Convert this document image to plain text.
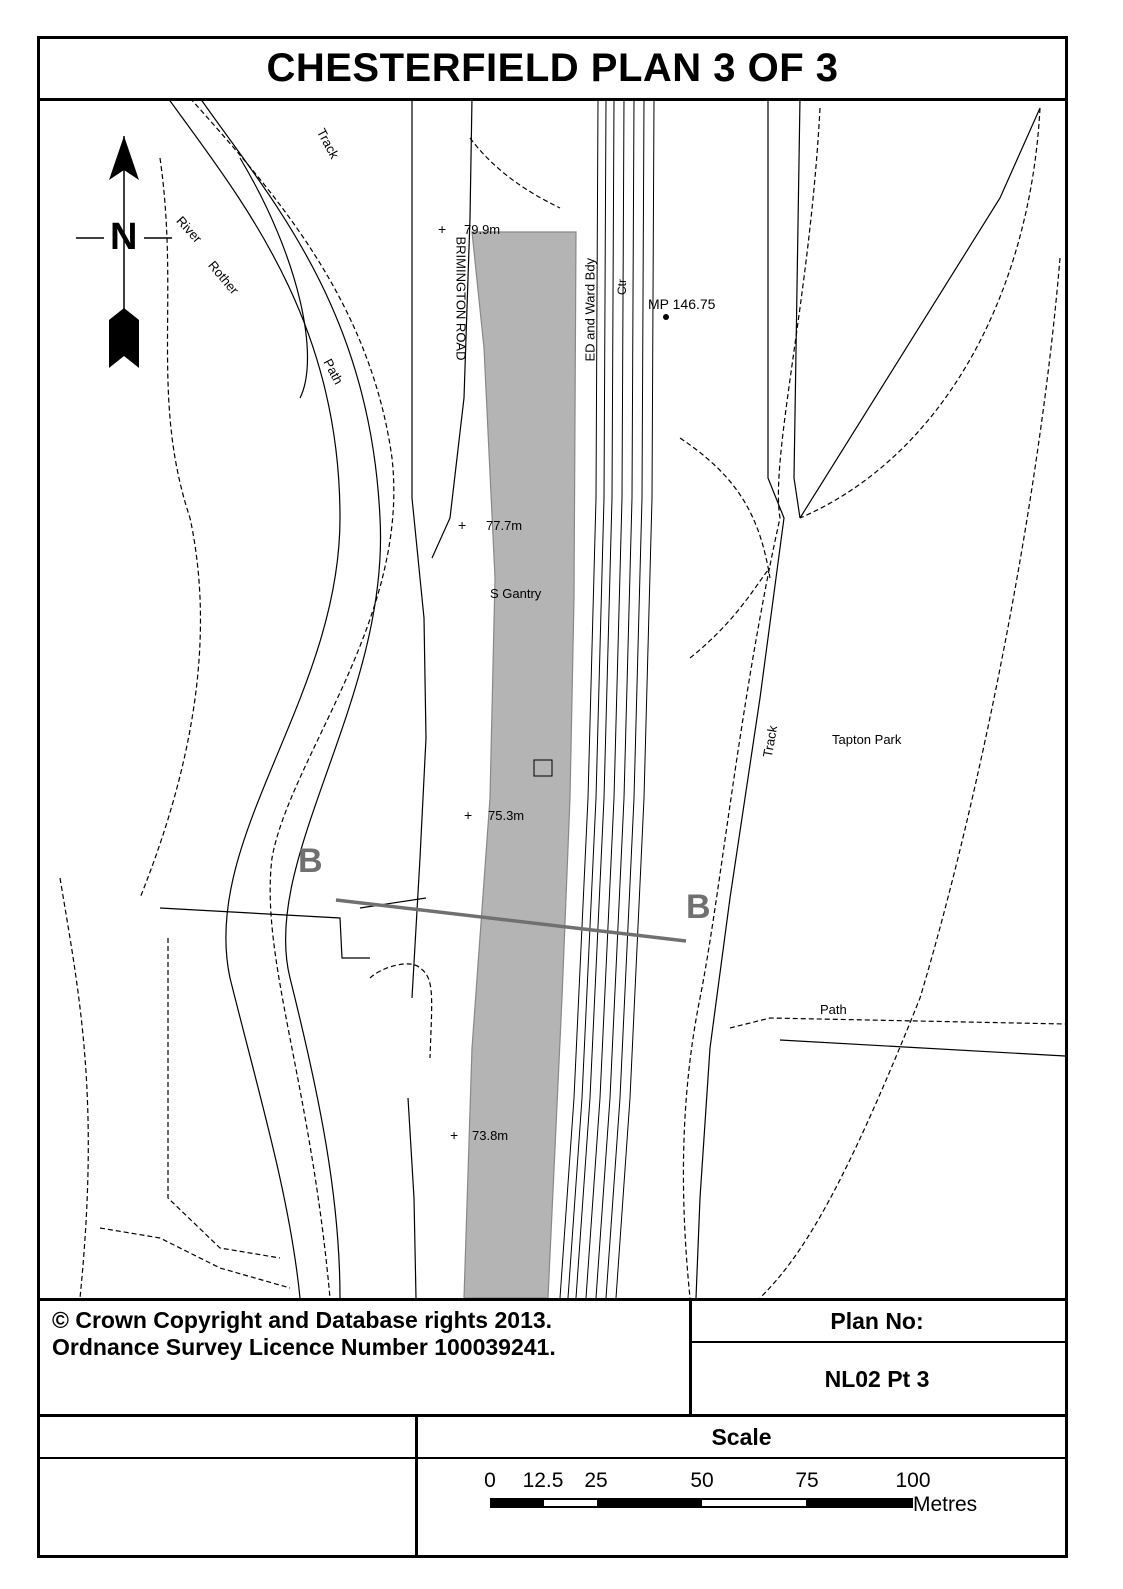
CHESTERFIELD PLAN 3 OF 3
+
+
+
+
N
Track
River
Rother
Path
BRIMINGTON ROAD	ED and Ward Bdy Ctr
MP 146.75
79.9m
77.7m
S Gantry
75.3m
73.8m
Track	Tapton Park
Path
B
B
© Crown Copyright and Database rights 2013.
Ordnance Survey Licence Number 100039241.
Plan No:
NL02 Pt 3
Scale
0 12.5 25	50	75	100
Metres
